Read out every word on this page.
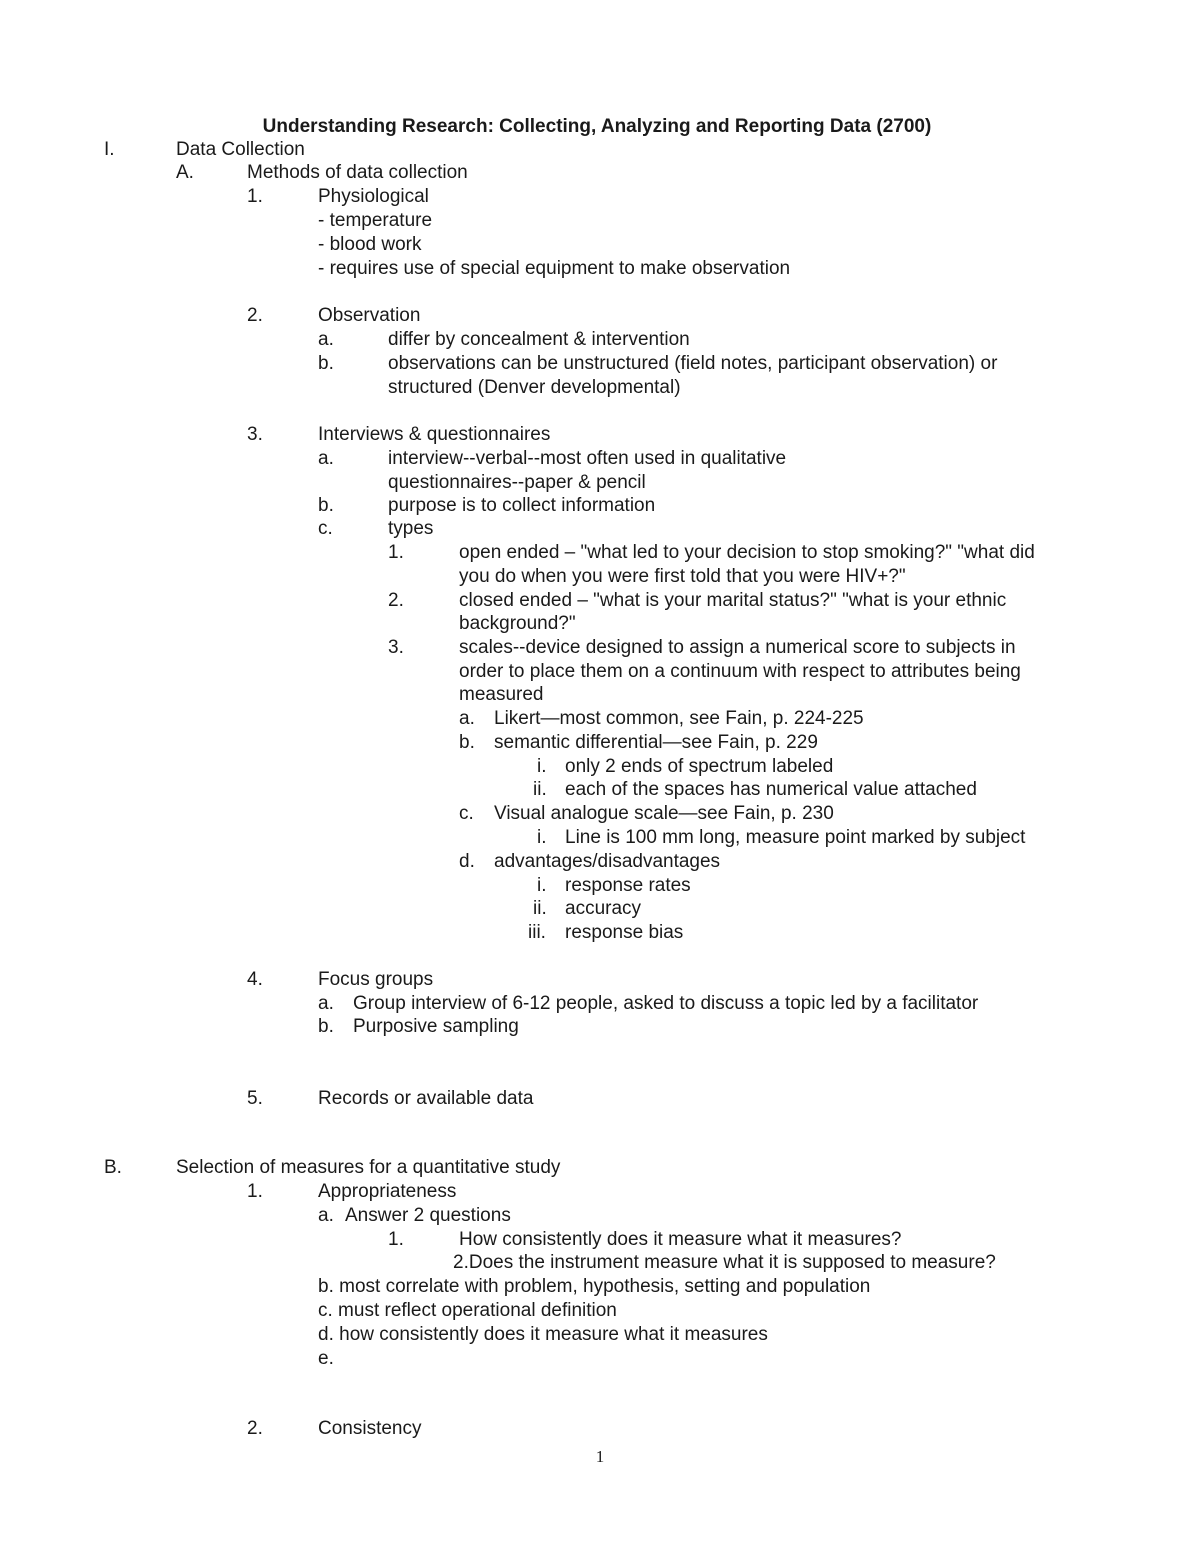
Understanding Research: Collecting, Analyzing and Reporting Data (2700)
I.	Data Collection
A.	Methods of data collection
1.	Physiological
- temperature
- blood work
- requires use of special equipment to make observation
2.	Observation
a.	differ by concealment & intervention
b.	observations can be unstructured (field notes, participant observation) or
structured (Denver developmental)
3.	Interviews & questionnaires
a.	interview--verbal--most often used in qualitative
questionnaires--paper & pencil
b.	purpose is to collect information
c.	types
1.	open ended – "what led to your decision to stop smoking?" "what did
you do when you were first told that you were HIV+?"
2.	closed ended – "what is your marital status?" "what is your ethnic
background?"
3.	scales--device designed to assign a numerical score to subjects in
order to place them on a continuum with respect to attributes being
measured
a. Likert—most common, see Fain, p. 224-225
b. semantic differential—see Fain, p. 229
i. only 2 ends of spectrum labeled
ii. each of the spaces has numerical value attached
c. Visual analogue scale—see Fain, p. 230
i. Line is 100 mm long, measure point marked by subject
d. advantages/disadvantages
i. response rates
ii. accuracy
iii. response bias
4.	Focus groups
a. Group interview of 6-12 people, asked to discuss a topic led by a facilitator
b. Purposive sampling
5.	Records or available data
B.	Selection of measures for a quantitative study
1.	Appropriateness
a. Answer 2 questions
1.	How consistently does it measure what it measures?
2.Does the instrument measure what it is supposed to measure?
b. most correlate with problem, hypothesis, setting and population
c. must reflect operational definition
d. how consistently does it measure what it measures
e.
2.	Consistency
1
